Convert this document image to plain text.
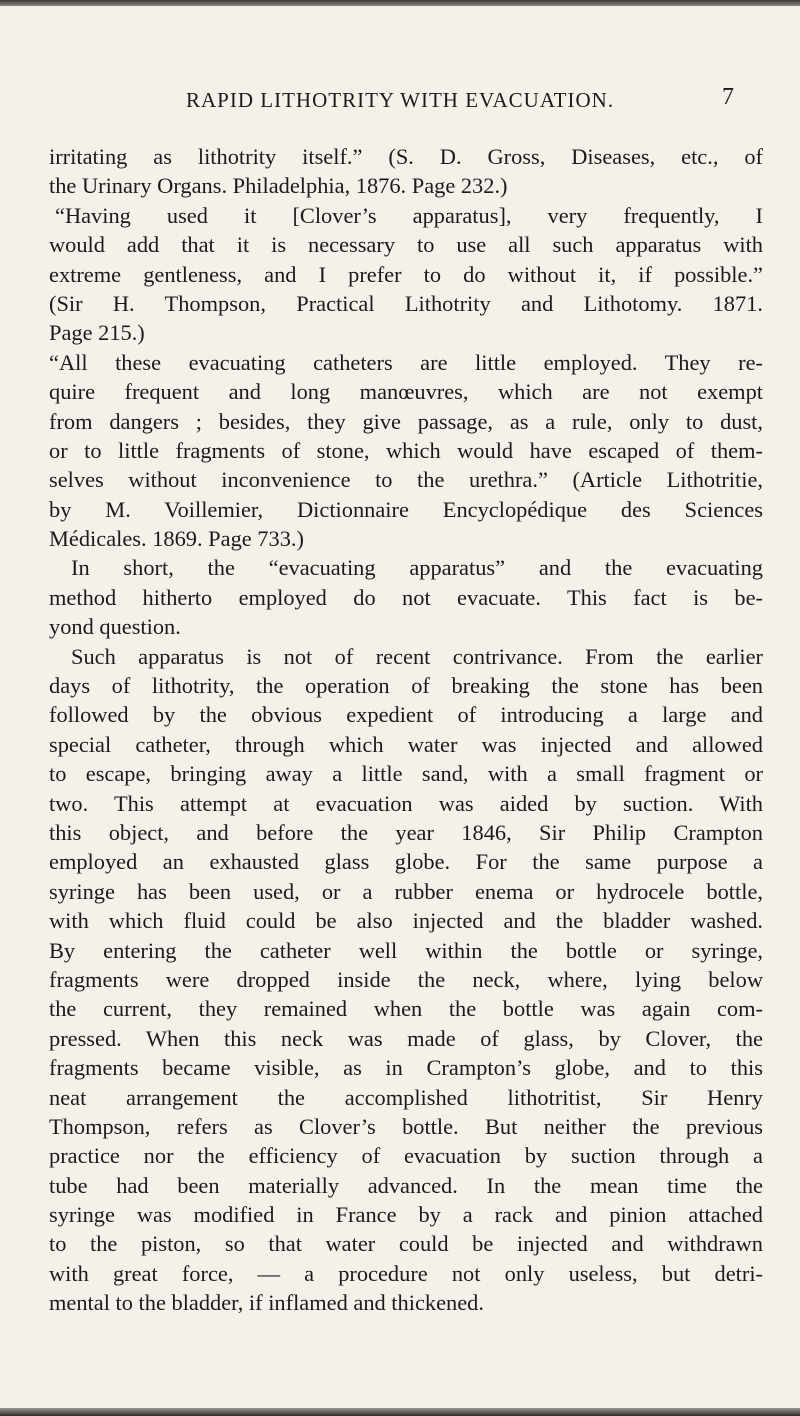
RAPID LITHOTRITY WITH EVACUATION.	7
irritating as lithotrity itself.” (S. D. Gross, Diseases, etc., of
the Urinary Organs. Philadelphia, 1876. Page 232.)
“Having used it [Clover’s apparatus], very frequently, I
would add that it is necessary to use all such apparatus with
extreme gentleness, and I prefer to do without it, if possible.”
(Sir H. Thompson, Practical Lithotrity and Lithotomy. 1871.
Page 215.)
“All these evacuating catheters are little employed. They re-
quire frequent and long manœuvres, which are not exempt
from dangers ; besides, they give passage, as a rule, only to dust,
or to little fragments of stone, which would have escaped of them-
selves without inconvenience to the urethra.” (Article Lithotritie,
by M. Voillemier, Dictionnaire Encyclopédique des Sciences
Médicales. 1869. Page 733.)
In short, the “evacuating apparatus” and the evacuating
method hitherto employed do not evacuate. This fact is be-
yond question.
Such apparatus is not of recent contrivance. From the earlier
days of lithotrity, the operation of breaking the stone has been
followed by the obvious expedient of introducing a large and
special catheter, through which water was injected and allowed
to escape, bringing away a little sand, with a small fragment or
two. This attempt at evacuation was aided by suction. With
this object, and before the year 1846, Sir Philip Crampton
employed an exhausted glass globe. For the same purpose a
syringe has been used, or a rubber enema or hydrocele bottle,
with which fluid could be also injected and the bladder washed.
By entering the catheter well within the bottle or syringe,
fragments were dropped inside the neck, where, lying below
the current, they remained when the bottle was again com-
pressed. When this neck was made of glass, by Clover, the
fragments became visible, as in Crampton’s globe, and to this
neat arrangement the accomplished lithotritist, Sir Henry
Thompson, refers as Clover’s bottle. But neither the previous
practice nor the efficiency of evacuation by suction through a
tube had been materially advanced. In the mean time the
syringe was modified in France by a rack and pinion attached
to the piston, so that water could be injected and withdrawn
with great force, — a procedure not only useless, but detri-
mental to the bladder, if inflamed and thickened.
